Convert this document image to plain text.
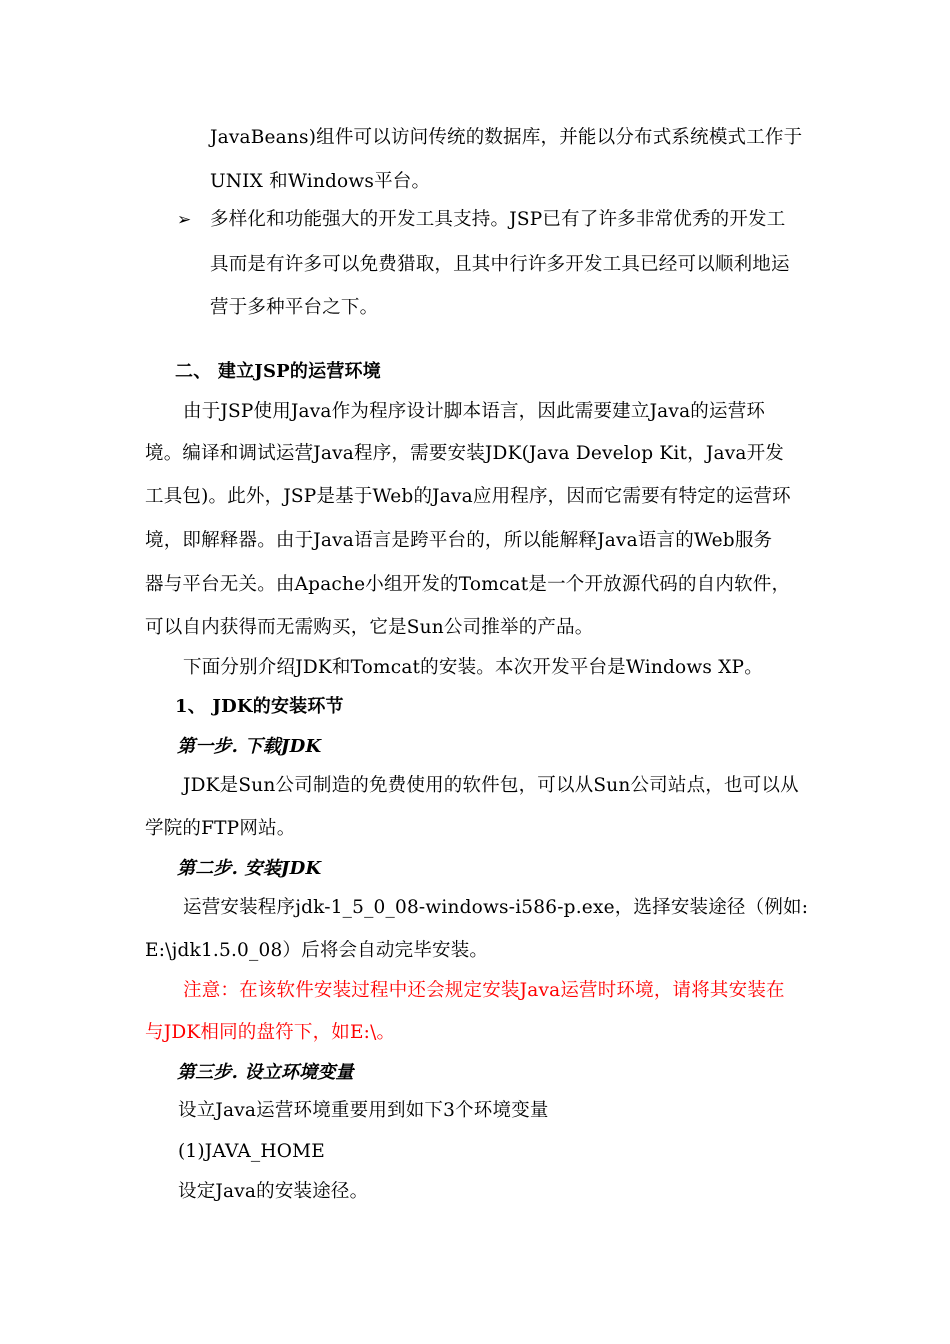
JavaBeans)组件可以访问传统的数据库，并能以分布式系统模式工作于
UNIX 和Windows平台。
➢ 多样化和功能强大的开发工具支持。JSP已有了许多非常优秀的开发工
具而是有许多可以免费猎取，且其中行许多开发工具已经可以顺利地运
营于多种平台之下。
二、 建立JSP的运营环境
由于JSP使用Java作为程序设计脚本语言，因此需要建立Java的运营环
境。编译和调试运营Java程序，需要安装JDK(Java Develop Kit，Java开发
工具包)。此外，JSP是基于Web的Java应用程序，因而它需要有特定的运营环
境，即解释器。由于Java语言是跨平台的，所以能解释Java语言的Web服务
器与平台无关。由Apache小组开发的Tomcat是一个开放源代码的自内软件，
可以自内获得而无需购买，它是Sun公司推举的产品。
下面分别介绍JDK和Tomcat的安装。本次开发平台是Windows XP。
1、 JDK的安装环节
第一步. 下载JDK
JDK是Sun公司制造的免费使用的软件包，可以从Sun公司站点，也可以从
学院的FTP网站。
第二步. 安装JDK
运营安装程序jdk-1_5_0_08-windows-i586-p.exe，选择安装途径（例如:
E:\jdk1.5.0_08）后将会自动完毕安装。
注意：在该软件安装过程中还会规定安装Java运营时环境，请将其安装在
与JDK相同的盘符下，如E:\。
第三步. 设立环境变量
设立Java运营环境重要用到如下3个环境变量
(1)JAVA_HOME
设定Java的安装途径。
